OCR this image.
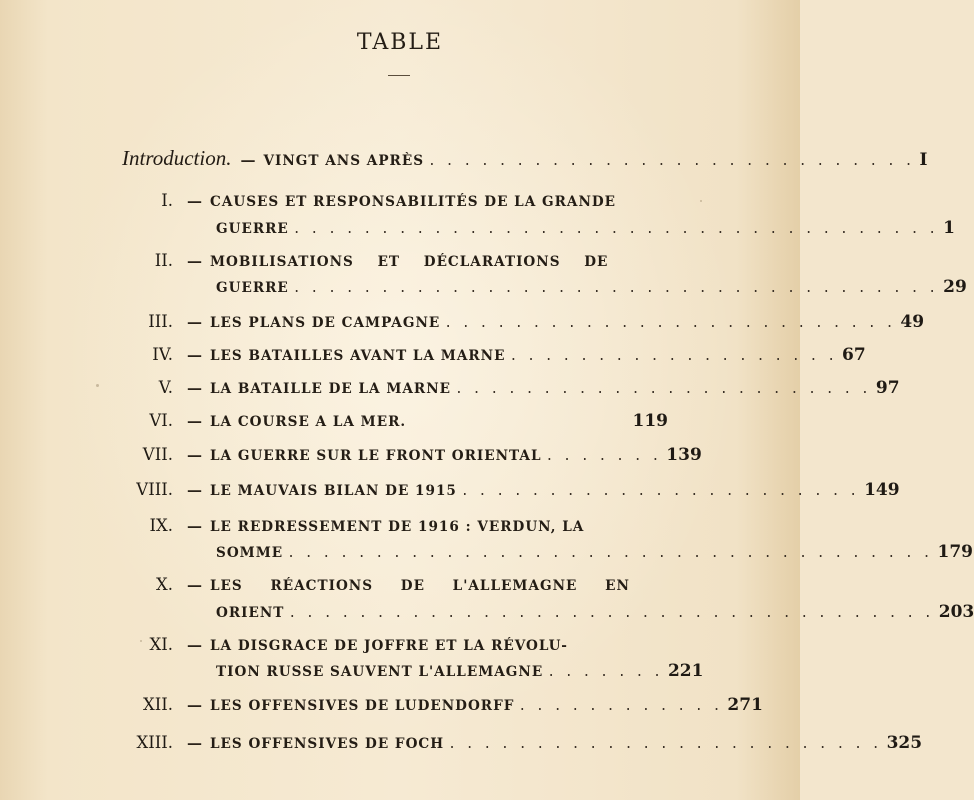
TABLE
Introduction. — VINGT ANS APRÈS . . . . . . . . . . . . . . . . . . . . . . . . . . . . I
I. — CAUSES ET RESPONSABILITÉS DE LA GRANDE
GUERRE . . . . . . . . . . . . . . . . . . . . . . . . . . . . . . . . . . . . . 1
II. — MOBILISATIONS ET DÉCLARATIONS DE
GUERRE . . . . . . . . . . . . . . . . . . . . . . . . . . . . . . . . . . . . . 29
III. — LES PLANS DE CAMPAGNE . . . . . . . . . . . . . . . . . . . . . . . . . . 49
IV. — LES BATAILLES AVANT LA MARNE . . . . . . . . . . . . . . . . . . . 67
V. — LA BATAILLE DE LA MARNE . . . . . . . . . . . . . . . . . . . . . . . . 97
VI. — LA COURSE A LA MER.	119
VII. — LA GUERRE SUR LE FRONT ORIENTAL . . . . . . . 139
VIII. — LE MAUVAIS BILAN DE 1915 . . . . . . . . . . . . . . . . . . . . . . . 149
IX. — LE REDRESSEMENT DE 1916 : VERDUN, LA
SOMME . . . . . . . . . . . . . . . . . . . . . . . . . . . . . . . . . . . . . 179
X. — LES RÉACTIONS DE L'ALLEMAGNE EN
ORIENT . . . . . . . . . . . . . . . . . . . . . . . . . . . . . . . . . . . . . 203
XI. — LA DISGRACE DE JOFFRE ET LA RÉVOLU-
TION RUSSE SAUVENT L'ALLEMAGNE . . . . . . . 221
XII. — LES OFFENSIVES DE LUDENDORFF . . . . . . . . . . . . 271
XIII. — LES OFFENSIVES DE FOCH . . . . . . . . . . . . . . . . . . . . . . . . . 325
